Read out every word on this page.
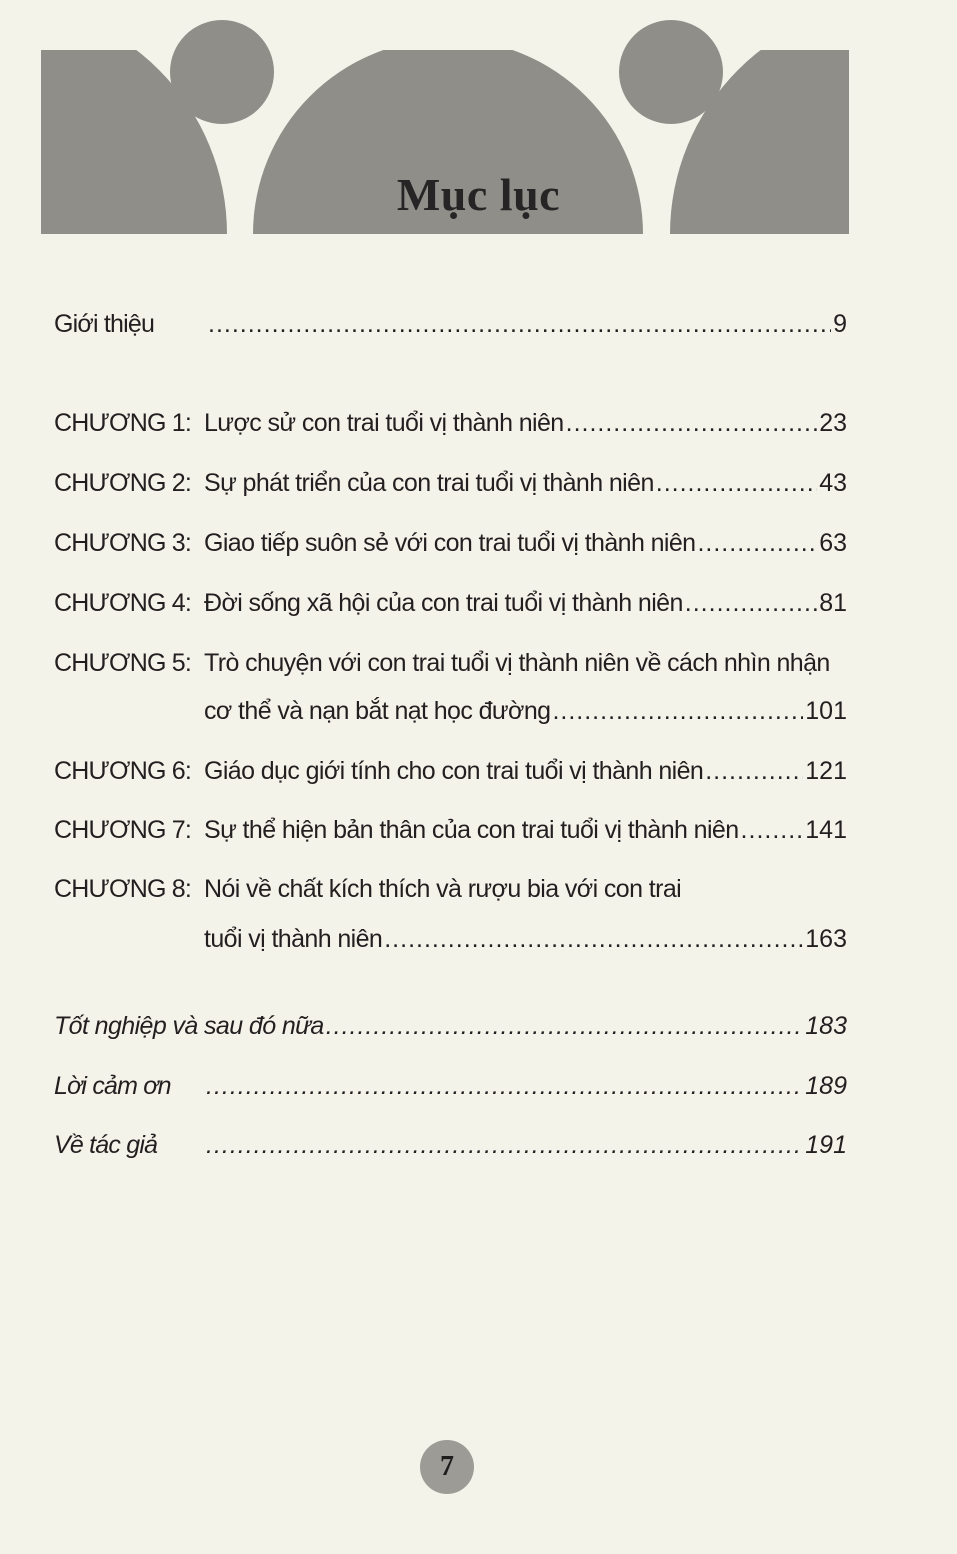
Mục lục
Giới thiệu .....	9
CHƯƠNG 1: Lược sử con trai tuổi vị thành niên .....	23
CHƯƠNG 2: Sự phát triển của con trai tuổi vị thành niên .....	43
CHƯƠNG 3: Giao tiếp suôn sẻ với con trai tuổi vị thành niên .....	63
CHƯƠNG 4: Đời sống xã hội của con trai tuổi vị thành niên .....	81
CHƯƠNG 5: Trò chuyện với con trai tuổi vị thành niên về cách nhìn nhận
cơ thể và nạn bắt nạt học đường .....	101
CHƯƠNG 6: Giáo dục giới tính cho con trai tuổi vị thành niên .....	121
CHƯƠNG 7: Sự thể hiện bản thân của con trai tuổi vị thành niên .....	141
CHƯƠNG 8: Nói về chất kích thích và rượu bia với con trai
tuổi vị thành niên .....	163
Tốt nghiệp và sau đó nữa .....	183
Lời cảm ơn .....	189
Về tác giả .....	191
7
